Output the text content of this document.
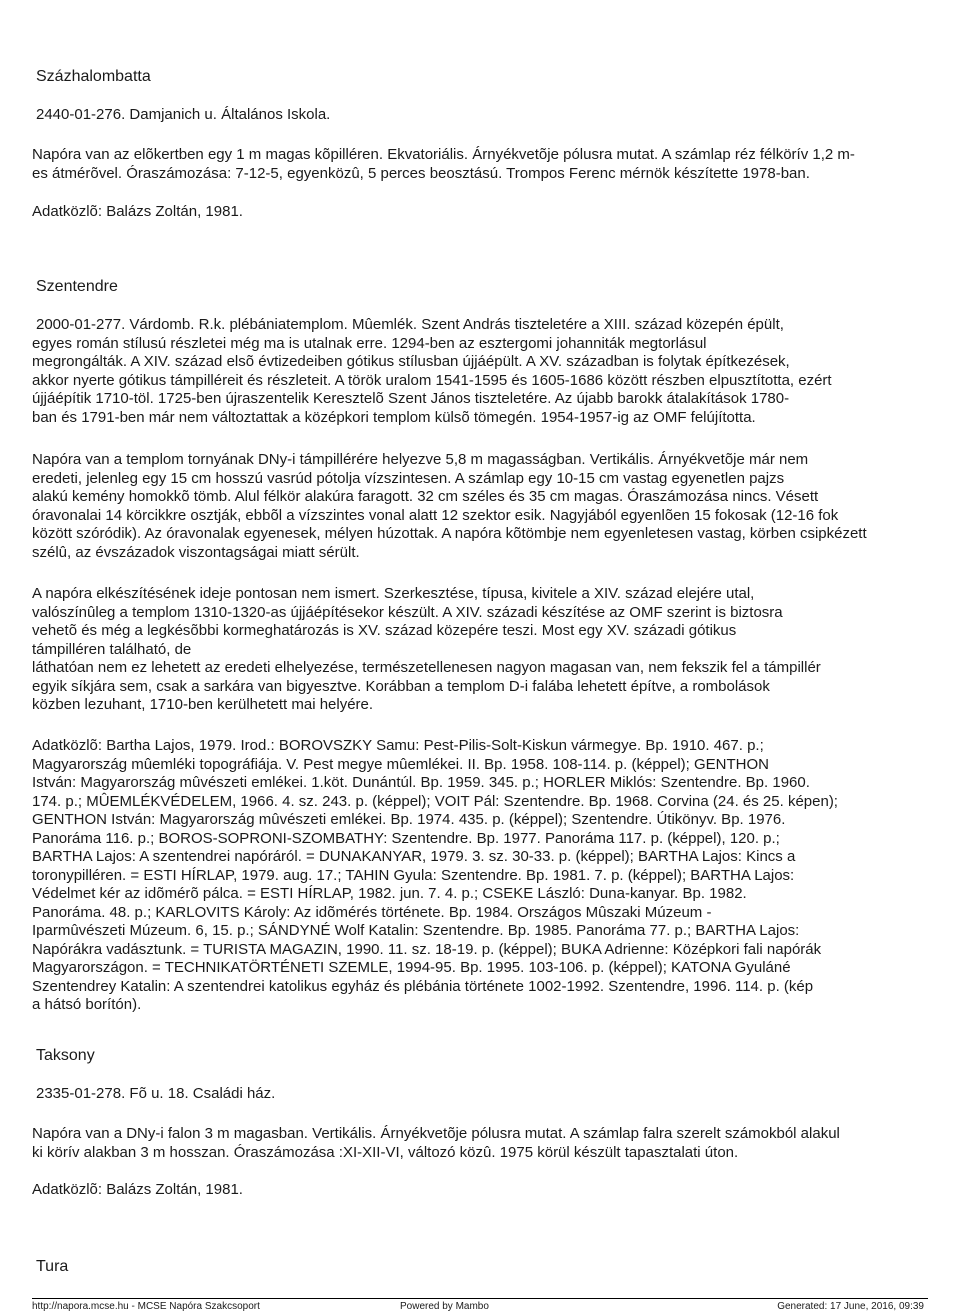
Százhalombatta

2440-01-276. Damjanich u. Általános Iskola.

Napóra van az elõkertben egy 1 m magas kõpilléren. Ekvatoriális. Árnyékvetõje pólusra mutat. A számlap réz félkörív 1,2 m-
es átmérõvel. Óraszámozása: 7-12-5, egyenközû, 5 perces beosztású. Trompos Ferenc mérnök készítette 1978-ban.

Adatközlõ: Balázs Zoltán, 1981.

Szentendre

2000-01-277. Várdomb. R.k. plébániatemplom. Mûemlék. Szent András tiszteletére a XIII. század közepén épült,
egyes román stílusú részletei még ma is utalnak erre. 1294-ben az esztergomi johanniták megtorlásul
megrongálták. A XIV. század elsõ évtizedeiben gótikus stílusban újjáépült. A XV. században is folytak építkezések,
akkor nyerte gótikus támpilléreit és részleteit. A török uralom 1541-1595 és 1605-1686 között részben elpusztította, ezért
újjáépítik 1710-töl. 1725-ben újraszentelik Keresztelõ Szent János tiszteletére. Az újabb barokk átalakítások 1780-
ban és 1791-ben már nem változtattak a középkori templom külsõ tömegén. 1954-1957-ig az OMF felújította.

Napóra van a templom tornyának DNy-i támpillérére helyezve 5,8 m magasságban. Vertikális. Árnyékvetõje már nem
eredeti, jelenleg egy 15 cm hosszú vasrúd pótolja vízszintesen. A számlap egy 10-15 cm vastag egyenetlen pajzs
alakú kemény homokkõ tömb. Alul félkör alakúra faragott. 32 cm széles és 35 cm magas. Óraszámozása nincs. Vésett
óravonalai 14 körcikkre osztják, ebbõl a vízszintes vonal alatt 12 szektor esik. Nagyjából egyenlõen 15 fokosak (12-16 fok
között szóródik). Az óravonalak egyenesek, mélyen húzottak. A napóra kõtömbje nem egyenletesen vastag, körben csipkézett
szélû, az évszázadok viszontagságai miatt sérült.

A napóra elkészítésének ideje pontosan nem ismert. Szerkesztése, típusa, kivitele a XIV. század elejére utal,
valószínûleg a templom 1310-1320-as újjáépítésekor készült. A XIV. századi készítése az OMF szerint is biztosra
vehetõ és még a legkésõbbi kormeghatározás is XV. század közepére teszi. Most egy XV. századi gótikus
támpilléren található, de
láthatóan nem ez lehetett az eredeti elhelyezése, természetellenesen nagyon magasan van, nem fekszik fel a támpillér
egyik síkjára sem, csak a sarkára van bigyesztve. Korábban a templom D-i falába lehetett építve, a rombolások
közben lezuhant, 1710-ben kerülhetett mai helyére.

Adatközlõ: Bartha Lajos, 1979. Irod.: BOROVSZKY Samu: Pest-Pilis-Solt-Kiskun vármegye. Bp. 1910. 467. p.;
Magyarország mûemléki topográfiája. V. Pest megye mûemlékei. II. Bp. 1958. 108-114. p. (képpel); GENTHON
István: Magyarország mûvészeti emlékei. 1.köt. Dunántúl. Bp. 1959. 345. p.; HORLER Miklós: Szentendre. Bp. 1960.
174. p.; MÛEMLÉKVÉDELEM, 1966. 4. sz. 243. p. (képpel); VOIT Pál: Szentendre. Bp. 1968. Corvina (24. és 25. képen);
GENTHON István: Magyarország mûvészeti emlékei. Bp. 1974. 435. p. (képpel); Szentendre. Útikönyv. Bp. 1976.
Panoráma 116. p.; BOROS-SOPRONI-SZOMBATHY: Szentendre. Bp. 1977. Panoráma 117. p. (képpel), 120. p.;
BARTHA Lajos: A szentendrei napóráról. = DUNAKANYAR, 1979. 3. sz. 30-33. p. (képpel); BARTHA Lajos: Kincs a
toronypilléren. = ESTI HÍRLAP, 1979. aug. 17.; TAHIN Gyula: Szentendre. Bp. 1981. 7. p. (képpel); BARTHA Lajos:
Védelmet kér az idõmérõ pálca. = ESTI HÍRLAP, 1982. jun. 7. 4. p.; CSEKE László: Duna-kanyar. Bp. 1982.
Panoráma. 48. p.; KARLOVITS Károly: Az idõmérés története. Bp. 1984. Országos Mûszaki Múzeum -
Iparmûvészeti Múzeum. 6, 15. p.; SÁNDYNÉ Wolf Katalin: Szentendre. Bp. 1985. Panoráma 77. p.; BARTHA Lajos:
Napórákra vadásztunk. = TURISTA MAGAZIN, 1990. 11. sz. 18-19. p. (képpel); BUKA Adrienne: Középkori fali napórák
Magyarországon. = TECHNIKATÖRTÉNETI SZEMLE, 1994-95. Bp. 1995. 103-106. p. (képpel); KATONA Gyuláné
Szentendrey Katalin: A szentendrei katolikus egyház és plébánia története 1002-1992. Szentendre, 1996. 114. p. (kép
a hátsó borítón).

Taksony

2335-01-278. Fõ u. 18. Családi ház.

Napóra van a DNy-i falon 3 m magasban. Vertikális. Árnyékvetõje pólusra mutat. A számlap falra szerelt számokból alakul
ki körív alakban 3 m hosszan. Óraszámozása :XI-XII-VI, változó közû. 1975 körül készült tapasztalati úton.

Adatközlõ: Balázs Zoltán, 1981.

Tura

http://napora.mcse.hu - MCSE Napóra Szakcsoport	Powered by Mambo	Generated: 17 June, 2016, 09:39
